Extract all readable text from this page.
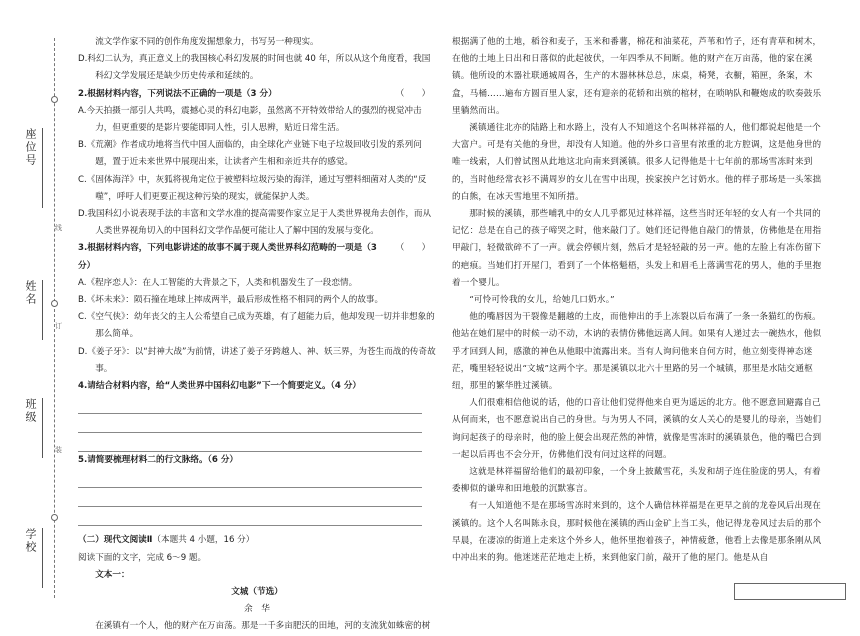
线
订
装
座位号
姓名
班级
学校

流文学作家不同的创作角度发掘想象力，书写另一种现实。

D.科幻二认为，真正意义上的我国核心科幻发展的时间也就 40 年，所以从这个角度看，我国科幻文学发展还是缺少历史传承和延续的。

2.根据材料内容，下列说法不正确的一项是（3 分）	（　　）

A.今天拍摄一部引人共鸣，震撼心灵的科幻电影，虽然离不开特效带给人的强烈的视觉冲击力，但更重要的是影片要能即同人性，引人思辨，贴近日常生活。

B.《荒潮》作者成功地将当代中国人面临的，由全球化产业链下电子垃圾回收引发的系列问题，置于近未来世界中展现出来，让读者产生相和亲近共存的感觉。

C.《固体海洋》中，灰狐将视角定位于被塑料垃圾污染的海洋，通过写塑料细菌对人类的“反噬”，呼吁人们更要正视这种污染的现实，就能保护人类。

D.我国科幻小说表现手法的丰富和文学水准的提高需要作家立足于人类世界视角去创作，而从人类世界视角切入的中国科幻文学作品便可能让人了解中国的发展与变化。

3.根据材料内容，下列电影讲述的故事不属于现人类世界科幻范畴的一项是（3 分）
（　　）

A.《程序恋人》：在人工智能的大背景之下，人类和机器发生了一段恋情。

B.《坏未来》：陨石撞在地球上摔成两半，最后形成性格不相同的两个人的故事。

C.《空气侠》：幼年丧父的主人公希望自己成为英雄，有了超能力后，他却发现一切并非想象的那么简单。

D.《姜子牙》：以“封神大战”为前情，讲述了姜子牙跨越人、神、妖三界，为苍生而战的传奇故事。

4.请结合材料内容，给“人类世界中国科幻电影”下一个简要定义。（4 分）

5.请简要梳理材料二的行文脉络。（6 分）

（二）现代文阅读Ⅱ（本题共 4 小题，16 分）

阅读下面的文字，完成 6～9 题。

文本一：

文城（节选）

余　华

在溪镇有一个人，他的财产在万亩荡。那是一千多亩肥沃的田地，河的支流犹如蛛密的树

根据满了他的土地，稻谷和麦子，玉米和番薯，棉花和油菜花，芦苇和竹子，还有青草和树木，在他的土地上日出和日落似的此起彼伏，一年四季从不间断。他的财产在万亩荡，他的家在溪镇。他所设的木器社联通城周各，生产的木器林林总总，床桌，椅凳，衣橱，箱匣，条案，木盒，马桶……遍布方圆百里人家，还有迎亲的花轿和出殡的棺材，在唢呐队和鞭炮成的吹奏鼓乐里躺然而出。

溪镇通往北亦的陆路上和水路上，没有人不知道这个名叫林祥福的人，他们都说起他是一个大富户。可是有关他的身世，却没有人知道。他的外乡口音里有浓重的北方腔调，这是他身世的唯一线索，人们曾试图从此地这北向南来到溪镇。很多人记得他是十七年前的那场雪冻时来到的，当时他经常衣衫不满周岁的女儿在雪中出现，挨家挨户乞讨奶水。他的样子那场是一头笨拙的白熊，在冰天雪地里不知所措。

那时候的溪镇，那些哺乳中的女人几乎都见过林祥福，这些当时还年轻的女人有一个共同的记忆：总是在自己的孩子啼哭之时，他来敲门了。她们还记得他自敲门的情景，仿佛他是在用指甲敲门，轻微欲碎不了一声。就会停顿片刻，然后才是轻轻敲的另一声。他的左脸上有冻伤留下的疤痕。当她们打开屋门，看到了一个体格魁梧，头发上和眉毛上落满雪花的男人，他的手里抱着一个婴儿。

“可怜可怜我的女儿，给她几口奶水。”

他的嘴唇因为干裂像是翻越的土皮，而他伸出的手上冻裂以后布满了一条一条猫红的伤痕。他站在她们屋中的时候一动不动，木讷的表情仿佛他远离人间。如果有人递过去一碗热水，他似乎才回到人间，感激的神色从他眼中流露出来。当有人询问他来自何方时，他立刻变得神态迷茫，嘴里轻轻说出“文城”这两个字。那是溪镇以北六十里路的另一个城镇，那里是水陆交通枢纽，那里的繁华胜过溪镇。

人们很难相信他说的话，他的口音让他们觉得他来自更为遥远的北方。他不愿意回避露自己从何而来，也不愿意说出自己的身世。与为男人不同，溪镇的女人关心的是婴儿的母亲，当她们询问起孩子的母亲时，他的脸上便会出现茫然的神情，就像是雪冻时的溪镇景色，他的嘴巴合到一起以后再也不会分开，仿佛他们没有问过这样的问题。

这就是林祥福留给他们的最初印象，一个身上披戴雪花，头发和胡子连住脸庞的男人，有着委柳似的谦卑和田地般的沉默寡言。

有一人知道他不是在那场雪冻时来到的，这个人确信林祥福是在更早之前的龙卷风后出现在溪镇的。这个人名叫陈永良，那时候他在溪镇的西山金矿上当工头，他记得龙卷风过去后的那个早晨，在凄凉的街道上走来这个外乡人，他怀里抱着孩子，神情疲惫，他看上去像是那条刚从风中冲出来的狗。他迷迷茫茫地走上桥，来到他家门前，敲开了他的屋门。他是从自
